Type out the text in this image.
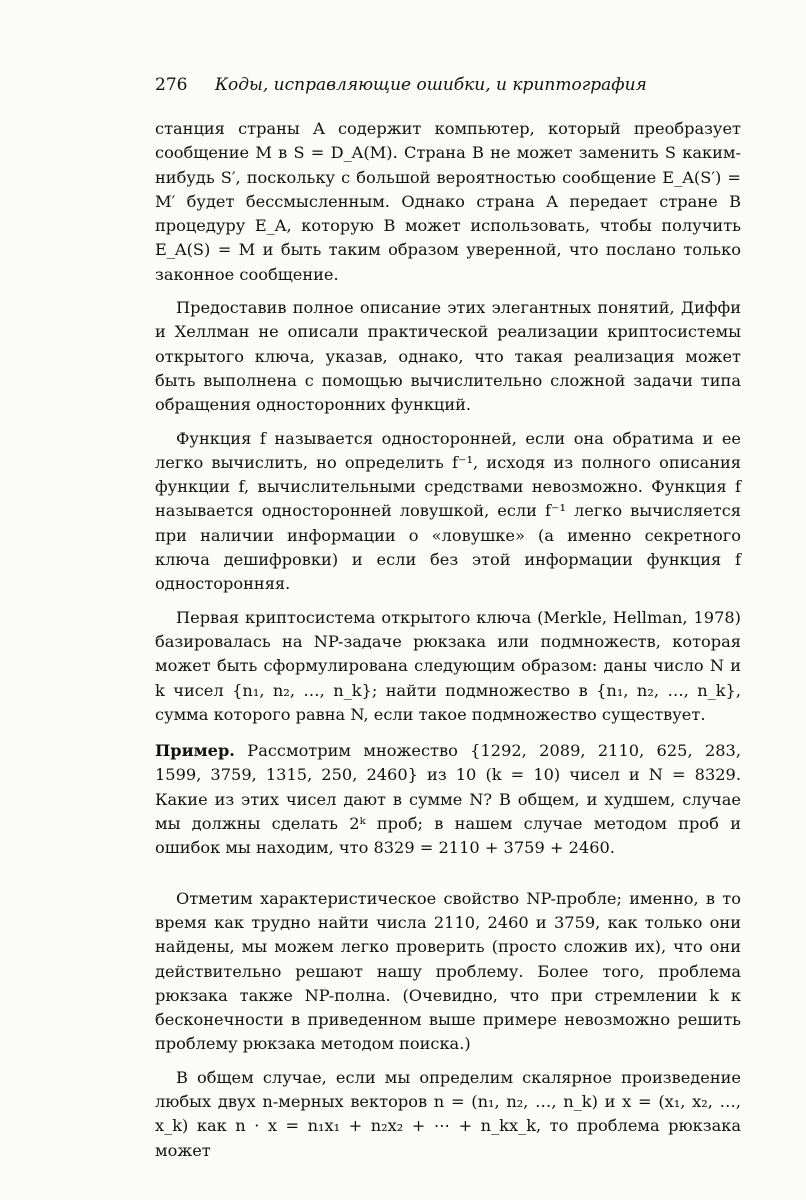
276 Коды, исправляющие ошибки, и криптография

станция страны A содержит компьютер, который преобразует сообщение M в S = D_A(M). Страна B не может заменить S каким-нибудь S′, поскольку с большой вероятностью сообщение E_A(S′) = M′ будет бессмысленным. Однако страна A передает стране B процедуру E_A, которую B может использовать, чтобы получить E_A(S) = M и быть таким образом уверенной, что послано только законное сообщение.

Предоставив полное описание этих элегантных понятий, Диффи и Хеллман не описали практической реализации криптосистемы открытого ключа, указав, однако, что такая реализация может быть выполнена с помощью вычислительно сложной задачи типа обращения односторонних функций.

Функция f называется односторонней, если она обратима и ее легко вычислить, но определить f⁻¹, исходя из полного описания функции f, вычислительными средствами невозможно. Функция f называется односторонней ловушкой, если f⁻¹ легко вычисляется при наличии информации о «ловушке» (а именно секретного ключа дешифровки) и если без этой информации функция f односторонняя.

Первая криптосистема открытого ключа (Merkle, Hellman, 1978) базировалась на NP-задаче рюкзака или подмножеств, которая может быть сформулирована следующим образом: даны число N и k чисел {n₁, n₂, …, n_k}; найти подмножество в {n₁, n₂, …, n_k}, сумма которого равна N, если такое подмножество существует.

Пример. Рассмотрим множество {1292, 2089, 2110, 625, 283, 1599, 3759, 1315, 250, 2460} из 10 (k = 10) чисел и N = 8329. Какие из этих чисел дают в сумме N? В общем, и худшем, случае мы должны сделать 2ᵏ проб; в нашем случае методом проб и ошибок мы находим, что 8329 = 2110 + 3759 + 2460.

Отметим характеристическое свойство NP-пробле; именно, в то время как трудно найти числа 2110, 2460 и 3759, как только они найдены, мы можем легко проверить (просто сложив их), что они действительно решают нашу проблему. Более того, проблема рюкзака также NP-полна. (Очевидно, что при стремлении k к бесконечности в приведенном выше примере невозможно решить проблему рюкзака методом поиска.)

В общем случае, если мы определим скалярное произведение любых двух n-мерных векторов n = (n₁, n₂, …, n_k) и x = (x₁, x₂, …, x_k) как n · x = n₁x₁ + n₂x₂ + ⋯ + n_kx_k, то проблема рюкзака может
